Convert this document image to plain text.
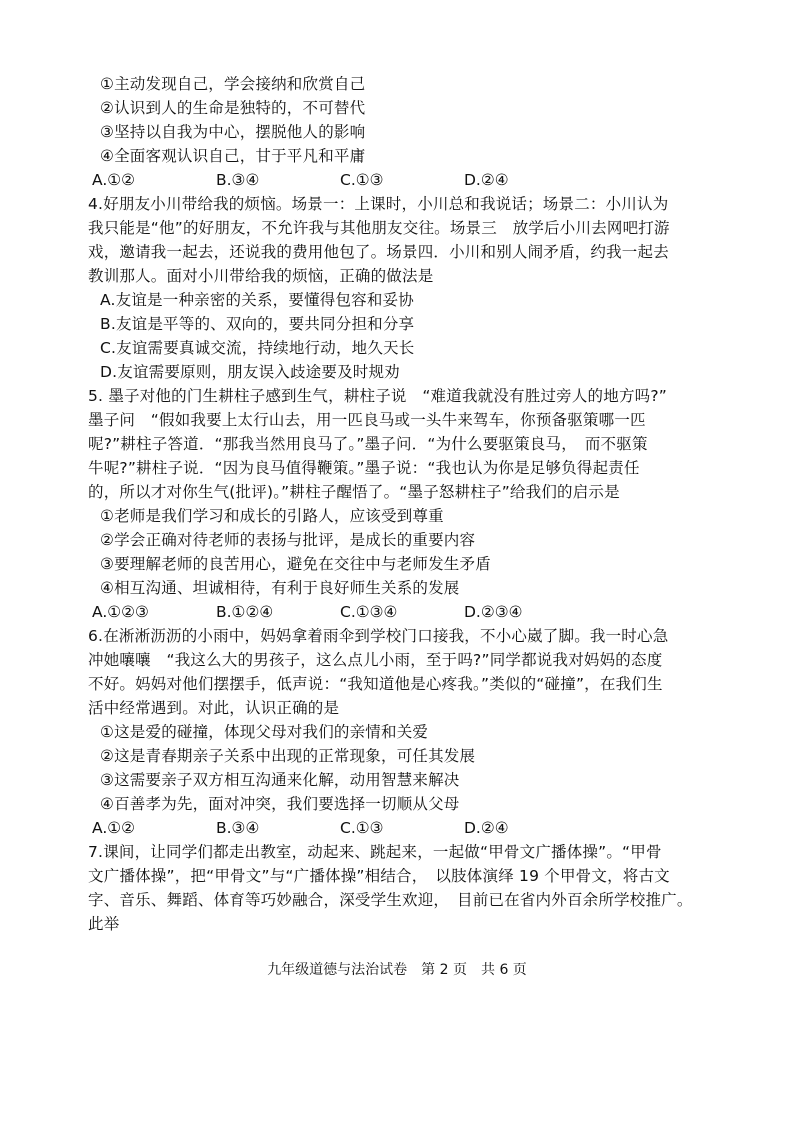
①主动发现自己，学会接纳和欣赏自己
②认识到人的生命是独特的，不可替代
③坚持以自我为中心，摆脱他人的影响
④全面客观认识自己，甘于平凡和平庸
A.①②	B.③④	C.①③	D.②④
4.好朋友小川带给我的烦恼。场景一：上课时，小川总和我说话；场景二：小川认为
我只能是“他”的好朋友，不允许我与其他朋友交往。场景三　放学后小川去网吧打游
戏，邀请我一起去，还说我的费用他包了。场景四．小川和别人闹矛盾，约我一起去
教训那人。面对小川带给我的烦恼，正确的做法是
A.友谊是一种亲密的关系，要懂得包容和妥协
B.友谊是平等的、双向的，要共同分担和分享
C.友谊需要真诚交流，持续地行动，地久天长
D.友谊需要原则，朋友误入歧途要及时规劝
5. 墨子对他的门生耕柱子感到生气，耕柱子说　“难道我就没有胜过旁人的地方吗?”
墨子问　“假如我要上太行山去，用一匹良马或一头牛来驾车，你预备驱策哪一匹
呢?”耕柱子答道．“那我当然用良马了。”墨子问．“为什么要驱策良马，　而不驱策
牛呢?”耕柱子说．“因为良马值得鞭策。”墨子说：“我也认为你是足够负得起责任
的，所以才对你生气(批评)。”耕柱子醒悟了。“墨子怒耕柱子”给我们的启示是
①老师是我们学习和成长的引路人，应该受到尊重
②学会正确对待老师的表扬与批评，是成长的重要内容
③要理解老师的良苦用心，避免在交往中与老师发生矛盾
④相互沟通、坦诚相待，有利于良好师生关系的发展
A.①②③	B.①②④	C.①③④	D.②③④
6.在淅淅沥沥的小雨中，妈妈拿着雨伞到学校门口接我，不小心崴了脚。我一时心急
冲她嚷嚷　“我这么大的男孩子，这么点儿小雨，至于吗?”同学都说我对妈妈的态度
不好。妈妈对他们摆摆手，低声说：“我知道他是心疼我。”类似的“碰撞”，在我们生
活中经常遇到。对此，认识正确的是
①这是爱的碰撞，体现父母对我们的亲情和关爱
②这是青春期亲子关系中出现的正常现象，可任其发展
③这需要亲子双方相互沟通来化解，动用智慧来解决
④百善孝为先，面对冲突，我们要选择一切顺从父母
A.①②	B.③④	C.①③	D.②④
7.课间，让同学们都走出教室，动起来、跳起来，一起做“甲骨文广播体操”。“甲骨
文广播体操”，把“甲骨文”与“广播体操”相结合，　以肢体演绎 19 个甲骨文，将古文
字、音乐、舞蹈、体育等巧妙融合，深受学生欢迎，　目前已在省内外百余所学校推广。
此举
九年级道德与法治试卷　第 2 页　共 6 页
